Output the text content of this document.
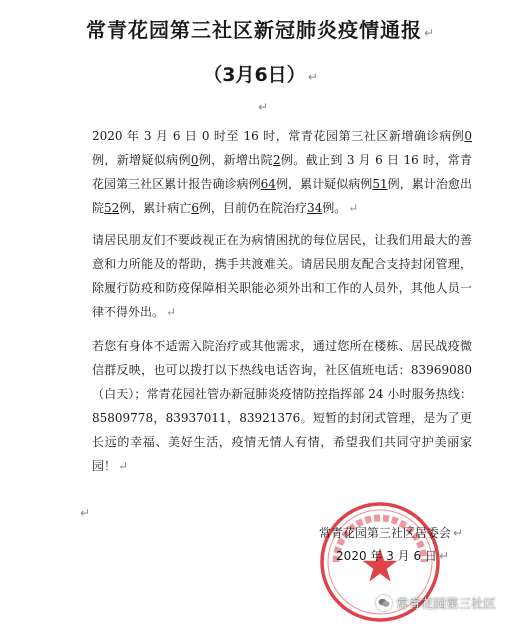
常青花园第三社区新冠肺炎疫情通报 ↵
（3月6日） ↵
↵

2020 年 3 月 6 日 0 时至 16 时，常青花园第三社区新增确诊病例0例，新增疑似病例0例，新增出院2例。截止到 3 月 6 日 16 时，常青花园第三社区累计报告确诊病例64例，累计疑似病例51例，累计治愈出院52例，累计病亡6例，目前仍在院治疗34例。 ↵

请居民朋友们不要歧视正在为病情困扰的每位居民，让我们用最大的善意和力所能及的帮助，携手共渡难关。请居民朋友配合支持封闭管理，除履行防疫和防疫保障相关职能必须外出和工作的人员外，其他人员一律不得外出。 ↵

若您有身体不适需入院治疗或其他需求，通过您所在楼栋、居民战疫微信群反映，也可以拨打以下热线电话咨询，社区值班电话：83969080（白天）；常青花园社管办新冠肺炎疫情防控指挥部 24 小时服务热线：85809778，83937011，83921376。短暂的封闭式管理，是为了更长远的幸福、美好生活，疫情无情人有情，希望我们共同守护美丽家园！ ↵

↵
常青花园第三社区居委会 ↵
2020 年 3 月 6 日 ↵
常青花园第三社区
